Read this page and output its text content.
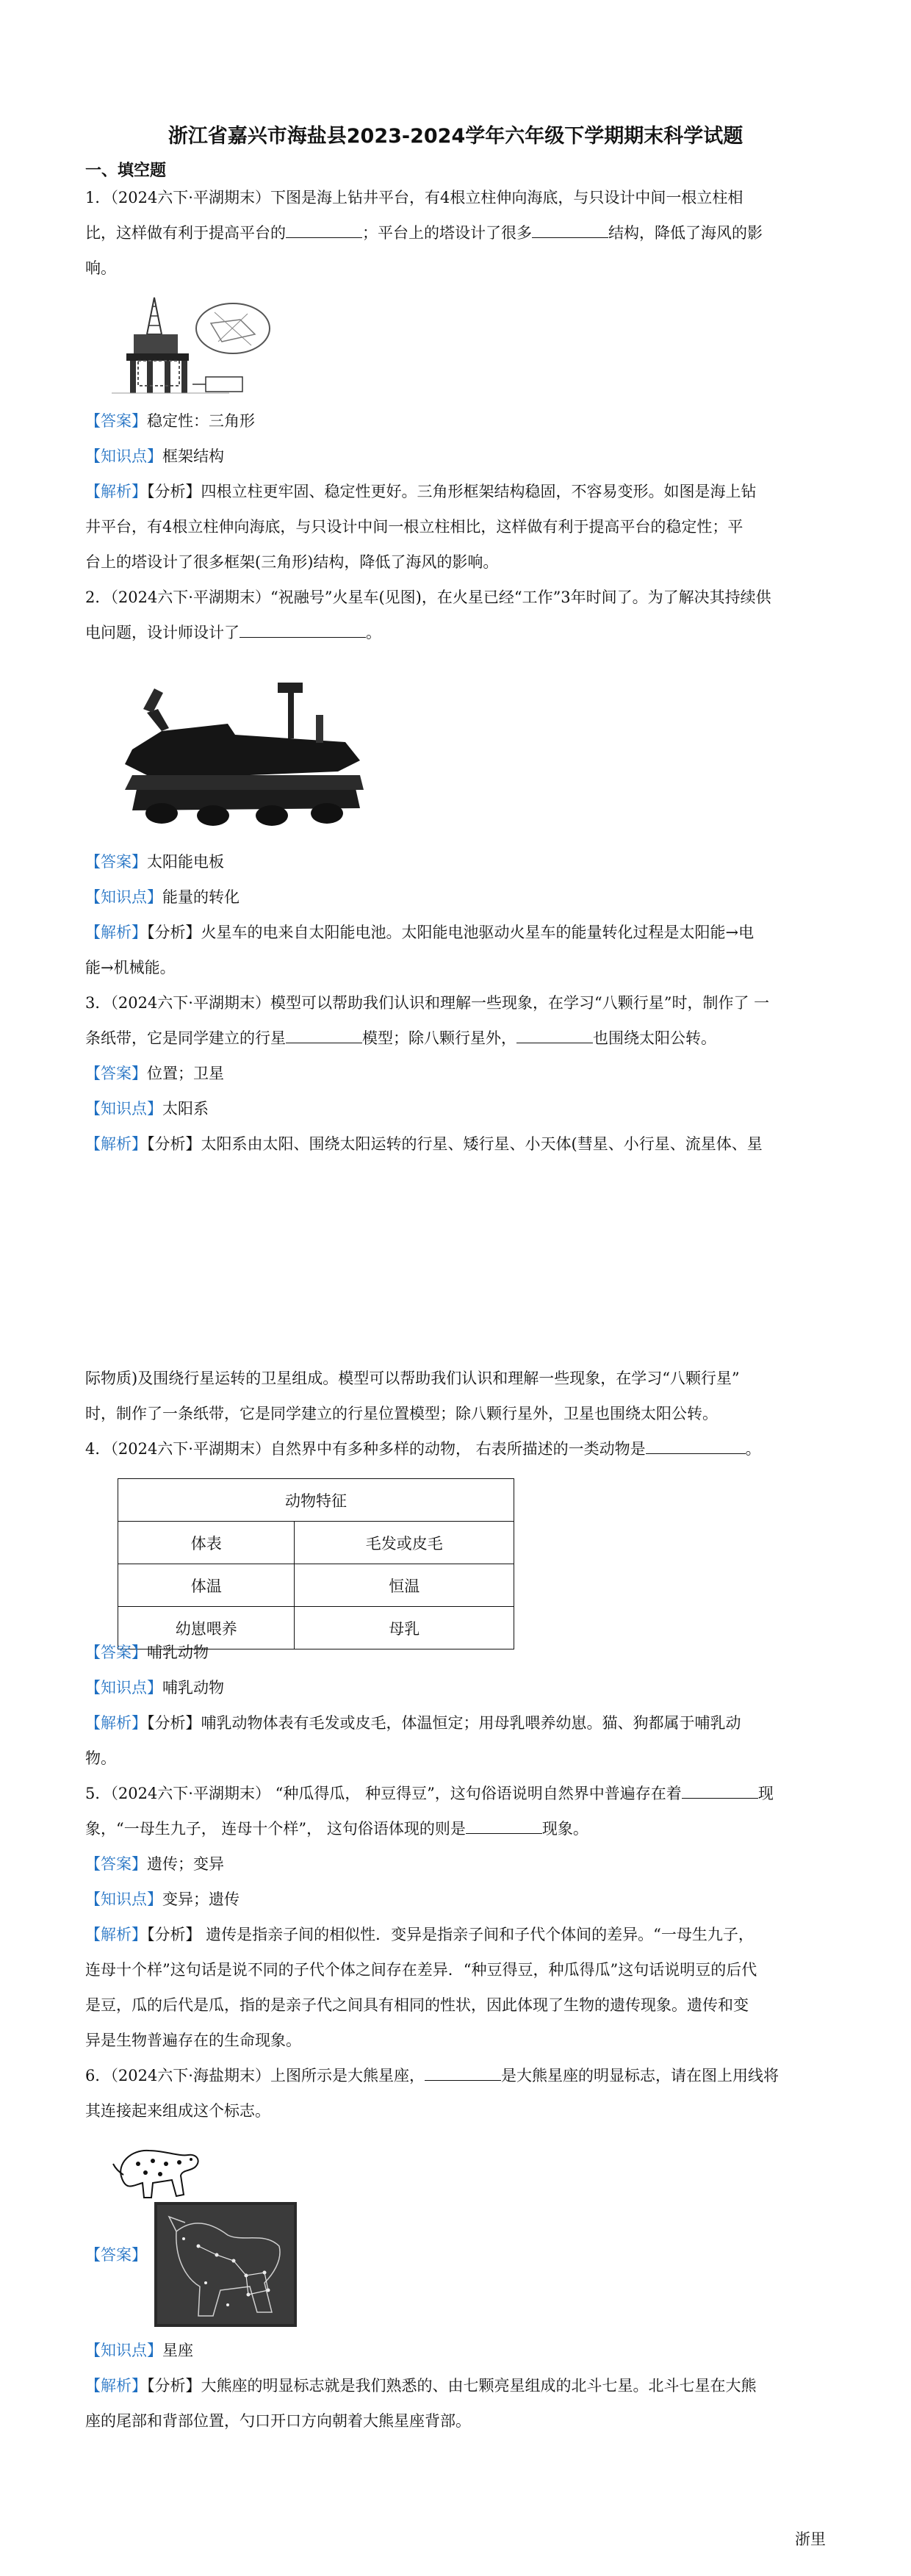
浙江省嘉兴市海盐县2023-2024学年六年级下学期期末科学试题
一、填空题
1．（2024六下·平湖期末）下图是海上钻井平台，有4根立柱伸向海底，与只设计中间一根立柱相
比，这样做有利于提高平台的	；平台上的塔设计了很多	结构，降低了海风的影
响。
【答案】稳定性：三角形
【知识点】框架结构
【解析】【分析】四根立柱更牢固、稳定性更好。三角形框架结构稳固，不容易变形。如图是海上钻
井平台，有4根立柱伸向海底，与只设计中间一根立柱相比，这样做有利于提高平台的稳定性；平
台上的塔设计了很多框架(三角形)结构，降低了海风的影响。
2．（2024六下·平湖期末）“祝融号”火星车(见图)，在火星已经“工作”3年时间了。为了解决其持续供
电问题，设计师设计了	。
【答案】太阳能电板
【知识点】能量的转化
【解析】【分析】火星车的电来自太阳能电池。太阳能电池驱动火星车的能量转化过程是太阳能→电
能→机械能。
3．（2024六下·平湖期末）模型可以帮助我们认识和理解一些现象，在学习“八颗行星”时，制作了 一
条纸带，它是同学建立的行星	模型；除八颗行星外，	也围绕太阳公转。
【答案】位置；卫星
【知识点】太阳系
【解析】【分析】太阳系由太阳、围绕太阳运转的行星、矮行星、小天体(彗星、小行星、流星体、星
际物质)及围绕行星运转的卫星组成。模型可以帮助我们认识和理解一些现象，在学习“八颗行星”
时，制作了一条纸带，它是同学建立的行星位置模型；除八颗行星外，卫星也围绕太阳公转。
4．（2024六下·平湖期末）自然界中有多种多样的动物， 右表所描述的一类动物是	。
动物特征	
体表	毛发或皮毛
体温	恒温
幼崽喂养	母乳
【答案】哺乳动物
【知识点】哺乳动物
【解析】【分析】哺乳动物体表有毛发或皮毛，体温恒定；用母乳喂养幼崽。猫、狗都属于哺乳动
物。
5．（2024六下·平湖期末） “种瓜得瓜， 种豆得豆”，这句俗语说明自然界中普遍存在着	现
象，“一母生九子， 连母十个样”， 这句俗语体现的则是	现象。
【答案】遗传；变异
【知识点】变异；遗传
【解析】【分析】 遗传是指亲子间的相似性．变异是指亲子间和子代个体间的差异。“一母生九子，
连母十个样”这句话是说不同的子代个体之间存在差异．“种豆得豆，种瓜得瓜”这句话说明豆的后代
是豆，瓜的后代是瓜，指的是亲子代之间具有相同的性状，因此体现了生物的遗传现象。遗传和变
异是生物普遍存在的生命现象。
6．（2024六下·海盐期末）上图所示是大熊星座，	是大熊星座的明显标志，请在图上用线将
其连接起来组成这个标志。
【答案】
【知识点】星座
【解析】【分析】大熊座的明显标志就是我们熟悉的、由七颗亮星组成的北斗七星。北斗七星在大熊
座的尾部和背部位置，勺口开口方向朝着大熊星座背部。
浙里
